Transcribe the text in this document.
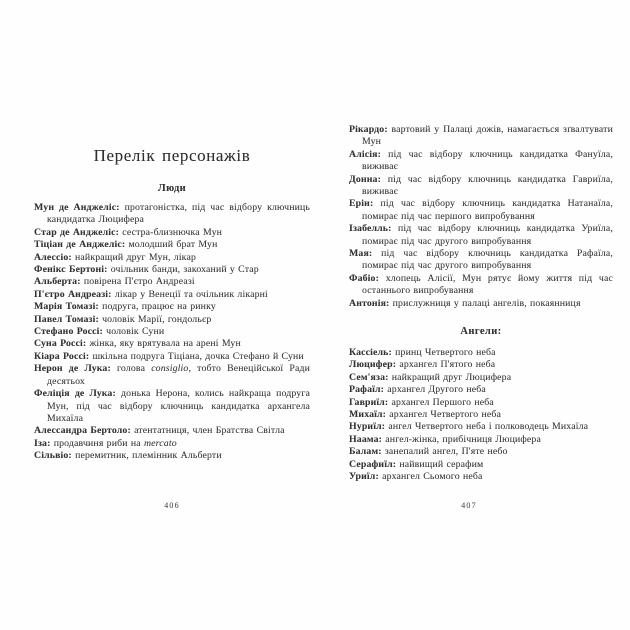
Перелік персонажів
Люди

Мун де Анджеліс: протагоністка, під час відбору ключниць кандидатка Люцифера

Стар де Анджеліс: сестра-близнючка Мун

Тіціан де Анджеліс: молодший брат Мун

Алессіо: найкращий друг Мун, лікар

Фенікс Бертоні: очільник банди, закоханий у Стар

Альберта: повірена П'єтро Андреазі

П'єтро Андреазі: лікар у Венеції та очільник лікарні

Марія Томазі: подруга, працює на ринку

Павел Томазі: чоловік Марії, гондольєр

Стефано Россі: чоловік Суни

Суна Россі: жінка, яку врятувала на арені Мун

Кіара Россі: шкільна подруга Тіціана, дочка Стефано й Суни

Нерон де Лука: голова consiglio, тобто Венеційської Ради десятьох

Феліція де Лука: донька Нерона, колись найкраща подруга Мун, під час відбору ключниць кандидатка архангела Михаїла

Алессандра Бертоло: атентатниця, член Братства Світла

Іза: продавчиня риби на mercato

Сільвіо: перемитник, племінник Альберти

406

Рікардо: вартовий у Палаці дожів, намагається зґвалтувати Мун

Алісія: під час відбору ключниць кандидатка Фануїла, виживає

Донна: під час відбору ключниць кандидатка Гавриїла, виживає

Ерін: під час відбору ключниць кандидатка Натанаїла, помирає під час першого випробування

Ізабелль: під час відбору ключниць кандидатка Уриїла, помирає під час другого випробування

Мая: під час відбору ключниць кандидатка Рафаїла, помирає під час другого випробування

Фабіо: хлопець Алісії, Мун рятує йому життя під час останнього випробування

Антонія: прислужниця у палаці ангелів, покаянниця

Ангели:

Кассіель: принц Четвертого неба

Люцифер: архангел П'ятого неба

Сем'яза: найкращий друг Люцифера

Рафаїл: архангел Другого неба

Гавриїл: архангел Першого неба

Михаїл: архангел Четвертого неба

Нуриїл: ангел Четвертого неба і полководець Михаїла

Наама: ангел-жінка, прибічниця Люцифера

Балам: занепалий ангел, П'яте небо

Серафиїл: найвищий серафим

Уриїл: архангел Сьомого неба

407
